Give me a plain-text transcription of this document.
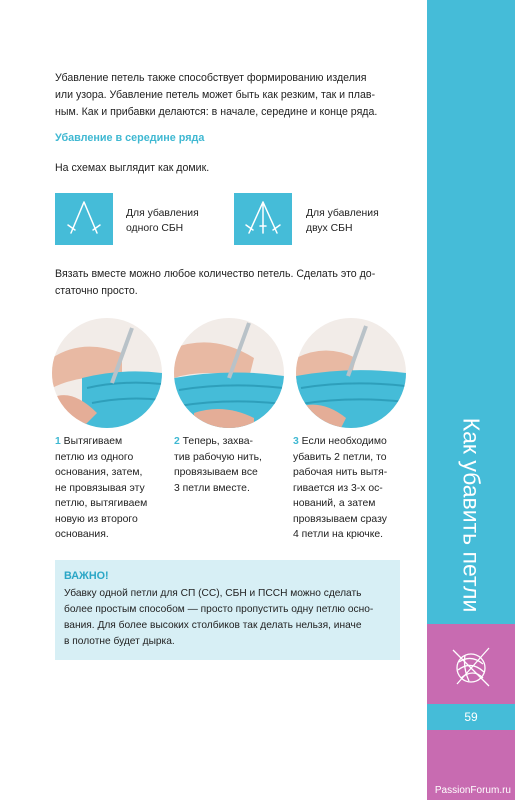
Убавление петель также способствует формированию изделия
или узора. Убавление петель может быть как резким, так и плав-
ным. Как и прибавки делаются: в начале, середине и конце ряда.

Убавление в середине ряда

На схемах выглядит как домик.

Для убавления
одного СБН
Для убавления
двух СБН

Вязать вместе можно любое количество петель. Сделать это до-
статочно просто.

1 Вытягиваем

петлю из одного

основания, затем,

не провязывая эту

петлю, вытягиваем

новую из второго

основания.

2 Теперь, захва-

тив рабочую нить,

провязываем все

3 петли вместе.

3 Если необходимо

убавить 2 петли, то

рабочая нить вытя-

гивается из 3-х ос-

нований, а затем

провязываем сразу

4 петли на крючке.

ВАЖНО!
Убавку одной петли для СП (СС), СБН и ПССН можно сделать
более простым способом — просто пропустить одну петлю осно-
вания. Для более высоких столбиков так делать нельзя, иначе
в полотне будет дырка.
Как убавить петли
59
PassionForum.ru
